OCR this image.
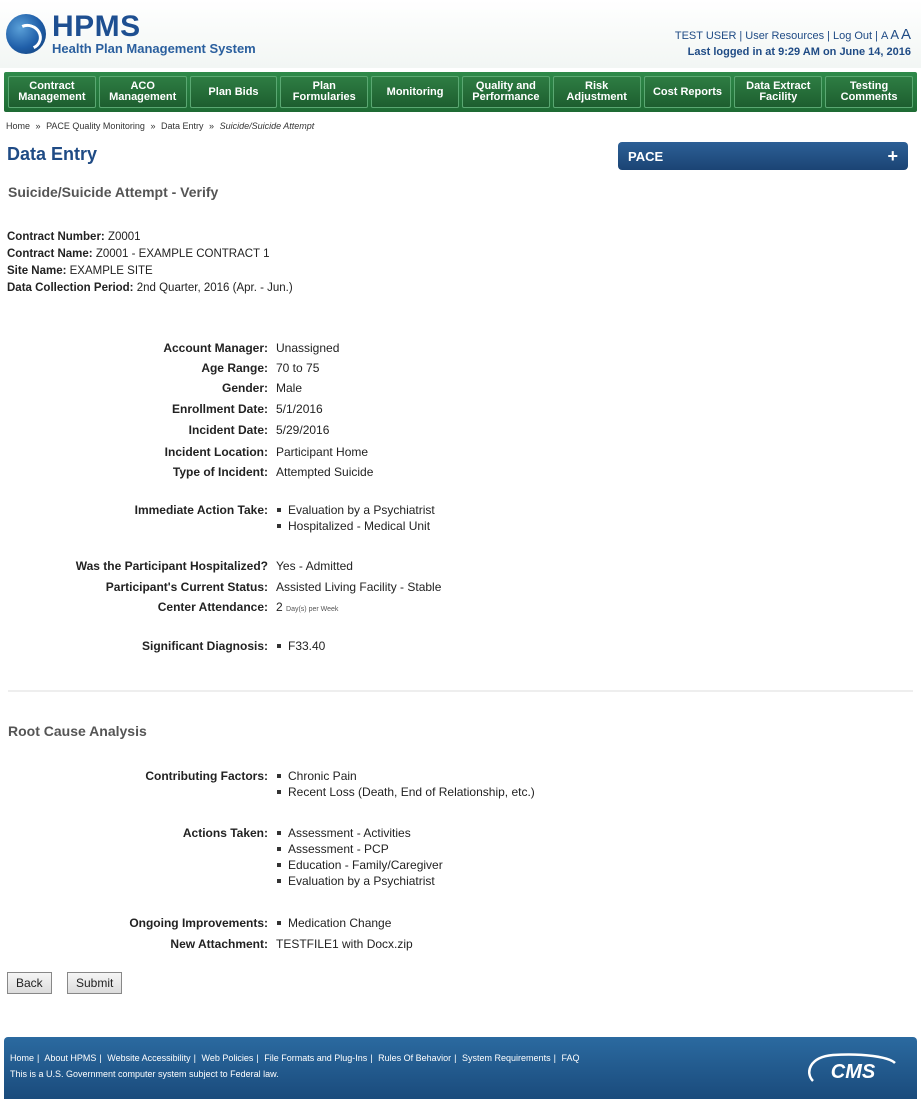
HPMS
Health Plan Management System
TEST USER | User Resources | Log Out | A A A
Last logged in at 9:29 AM on June 14, 2016
Contract
Management
ACO
Management	Plan Bids	Plan
Formularies	Monitoring	Quality and
Performance
Risk
Adjustment Cost Reports Data Extract
Facility
Testing
Comments
Home » PACE Quality Monitoring » Data Entry » Suicide/Suicide Attempt
Data Entry	PACE	+
Suicide/Suicide Attempt - Verify
Contract Number: Z0001
Contract Name: Z0001 - EXAMPLE CONTRACT 1
Site Name: EXAMPLE SITE
Data Collection Period: 2nd Quarter, 2016 (Apr. - Jun.)
Account Manager: Unassigned
Age Range: 70 to 75
Gender: Male
Enrollment Date: 5/1/2016
Incident Date: 5/29/2016
Incident Location: Participant Home
Type of Incident: Attempted Suicide
Immediate Action Take:	Evaluation by a Psychiatrist
Hospitalized - Medical Unit
Was the Participant Hospitalized? Yes - Admitted
Participant's Current Status: Assisted Living Facility - Stable
Center Attendance: 2 Day(s) per Week
Significant Diagnosis:	F33.40
Root Cause Analysis
Contributing Factors:	Chronic Pain
Recent Loss (Death, End of Relationship, etc.)
Actions Taken:	Assessment - Activities
Assessment - PCP
Education - Family/Caregiver
Evaluation by a Psychiatrist
Ongoing Improvements:	Medication Change
New Attachment: TESTFILE1 with Docx.zip
Back	Submit
Home | About HPMS | Website Accessibility | Web Policies | File Formats and Plug-Ins | Rules Of Behavior | System Requirements | FAQ
This is a U.S. Government computer system subject to Federal law.	CMS
